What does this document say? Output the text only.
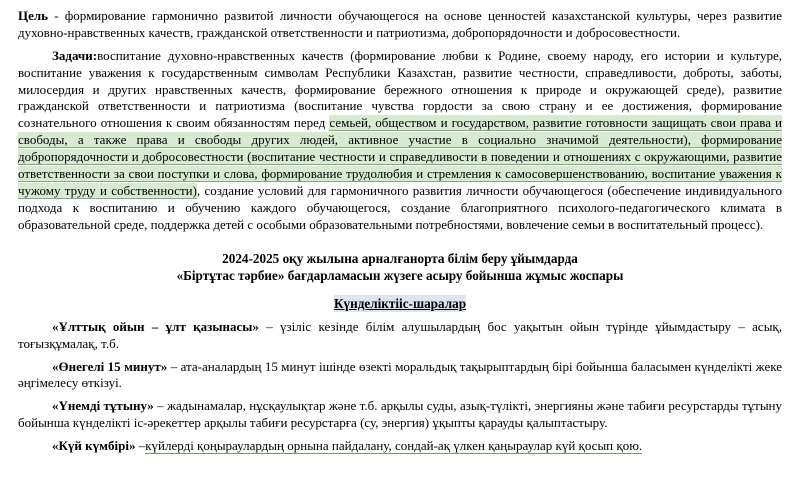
Цель - формирование гармонично развитой личности обучающегося на основе ценностей казахстанской культуры, через развитие духовно-нравственных качеств, гражданской ответственности и патриотизма, добропорядочности и добросовестности.

Задачи:воспитание духовно-нравственных качеств (формирование любви к Родине, своему народу, его истории и культуре, воспитание уважения к государственным символам Республики Казахстан, развитие честности, справедливости, доброты, заботы, милосердия и других нравственных качеств, формирование бережного отношения к природе и окружающей среде), развитие гражданской ответственности и патриотизма (воспитание чувства гордости за свою страну и ее достижения, формирование сознательного отношения к своим обязанностям перед семьей, обществом и государством, развитие готовности защищать свои права и свободы, а также права и свободы других людей, активное участие в социально значимой деятельности), формирование добропорядочности и добросовестности (воспитание честности и справедливости в поведении и отношениях с окружающими, развитие ответственности за свои поступки и слова, формирование трудолюбия и стремления к самосовершенствованию, воспитание уважения к чужому труду и собственности), создание условий для гармоничного развития личности обучающегося (обеспечение индивидуального подхода к воспитанию и обучению каждого обучающегося, создание благоприятного психолого-педагогического климата в образовательной среде, поддержка детей с особыми образовательными потребностями, вовлечение семьи в воспитательный процесс).

2024-2025 оқу жылына арналғанорта білім беру ұйымдарда

«Біртұтас тәрбие» бағдарламасын жүзеге асыру бойынша жұмыс жоспары

Күнделіктііс-шаралар

«Ұлттық ойын – ұлт қазынасы» – үзіліс кезінде білім алушылардың бос уақытын ойын түрінде ұйымдастыру – асық, тоғызқұмалақ, т.б.

«Өнегелі 15 минут» – ата-аналардың 15 минут ішінде өзекті моральдық тақырыптардың бірі бойынша баласымен күнделікті жеке әңгімелесу өткізуі.

«Үнемді тұтыну» – жадынамалар, нұсқаулықтар және т.б. арқылы суды, азық-түлікті, энергияны және табиғи ресурстарды тұтыну бойынша күнделікті іс-әрекеттер арқылы табиғи ресурстарға (су, энергия) ұқыпты қарауды қалыптастыру.

«Күй күмбірі» –күйлерді қоңыраулардың орнына пайдалану, сондай-ақ үлкен қаңыраулар күй қосып қою.
